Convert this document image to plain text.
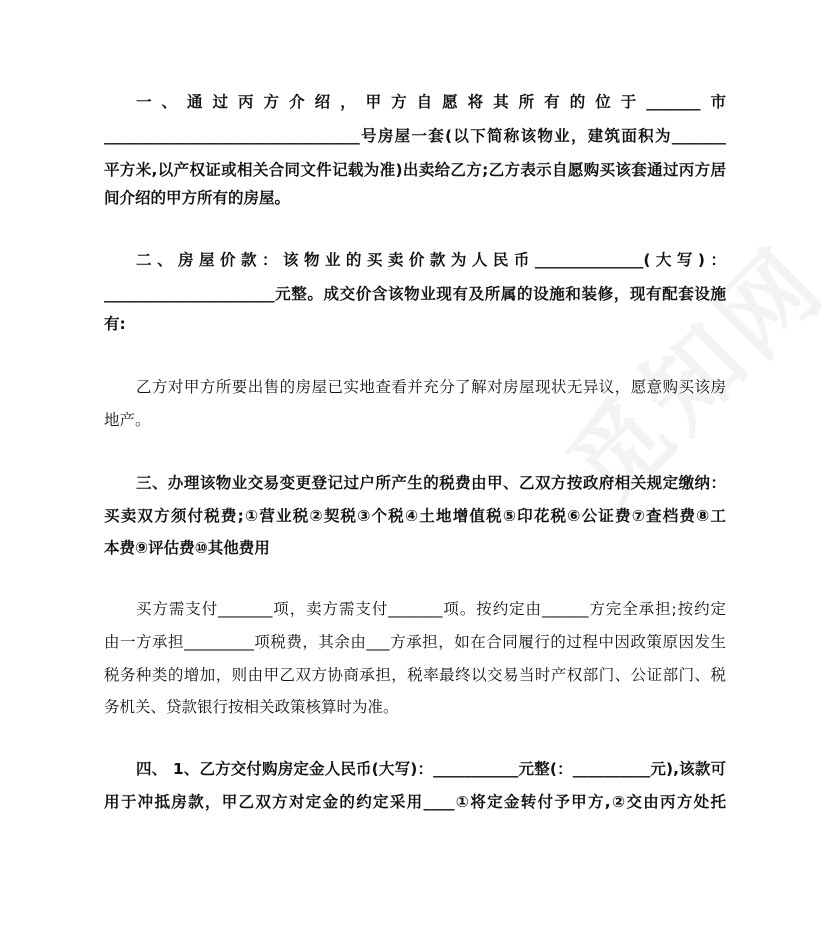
一、通过丙方介绍，甲方自愿将其所有的位于_______市
_________________________________号房屋一套(以下简称该物业，建筑面积为_______
平方米,以产权证或相关合同文件记载为准)出卖给乙方;乙方表示自愿购买该套通过丙方居
间介绍的甲方所有的房屋。
二、房屋价款：该物业的买卖价款为人民币______________(大写)：
______________________元整。成交价含该物业现有及所属的设施和装修，现有配套设施
有:
乙方对甲方所要出售的房屋已实地查看并充分了解对房屋现状无异议，愿意购买该房
地产。
三、办理该物业交易变更登记过户所产生的税费由甲、乙双方按政府相关规定缴纳：
买卖双方须付税费;①营业税②契税③个税④土地增值税⑤印花税⑥公证费⑦查档费⑧工
本费⑨评估费⑩其他费用
买方需支付_______项，卖方需支付_______项。按约定由______方完全承担;按约定
由一方承担_________项税费，其余由___方承担，如在合同履行的过程中因政策原因发生
税务种类的增加，则由甲乙双方协商承担，税率最终以交易当时产权部门、公证部门、税
务机关、贷款银行按相关政策核算时为准。
四、 1、乙方交付购房定金人民币(大写)：___________元整(：__________元),该款可
用于冲抵房款，甲乙双方对定金的约定采用____①将定金转付予甲方,②交由丙方处托
